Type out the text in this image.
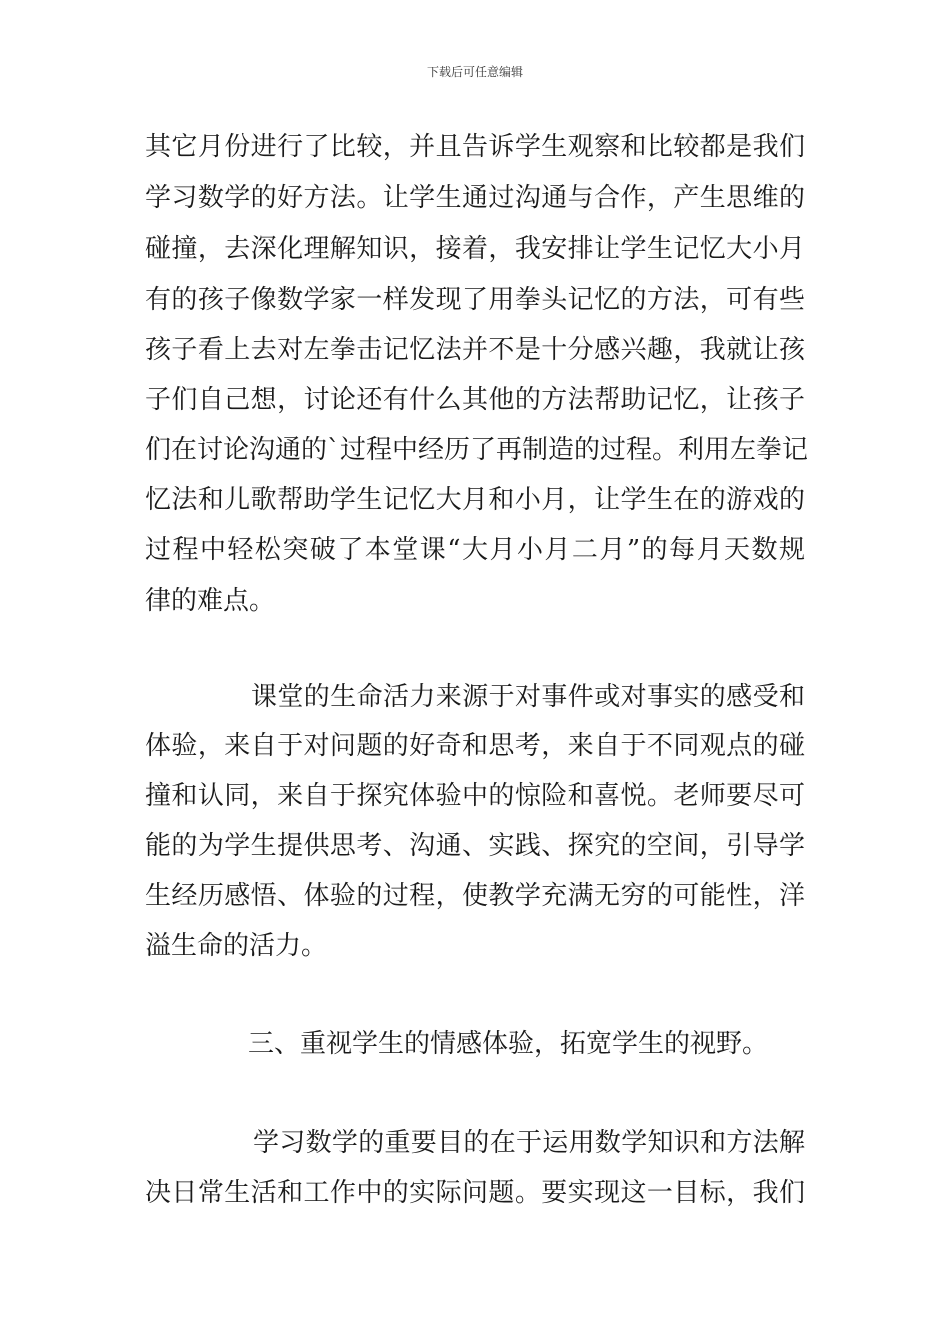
下载后可任意编辑
其它月份进行了比较，并且告诉学生观察和比较都是我们
学习数学的好方法。让学生通过沟通与合作，产生思维的
碰撞，去深化理解知识，接着，我安排让学生记忆大小月
有的孩子像数学家一样发现了用拳头记忆的方法，可有些
孩子看上去对左拳击记忆法并不是十分感兴趣，我就让孩
子们自己想，讨论还有什么其他的方法帮助记忆，让孩子
们在讨论沟通的`过程中经历了再制造的过程。利用左拳记
忆法和儿歌帮助学生记忆大月和小月，让学生在的游戏的
过程中轻松突破了本堂课“大月小月二月”的每月天数规
律的难点。
课堂的生命活力来源于对事件或对事实的感受和
体验，来自于对问题的好奇和思考，来自于不同观点的碰
撞和认同，来自于探究体验中的惊险和喜悦。老师要尽可
能的为学生提供思考、沟通、实践、探究的空间，引导学
生经历感悟、体验的过程，使教学充满无穷的可能性，洋
溢生命的活力。
三、重视学生的情感体验，拓宽学生的视野。
学习数学的重要目的在于运用数学知识和方法解
决日常生活和工作中的实际问题。要实现这一目标，我们
